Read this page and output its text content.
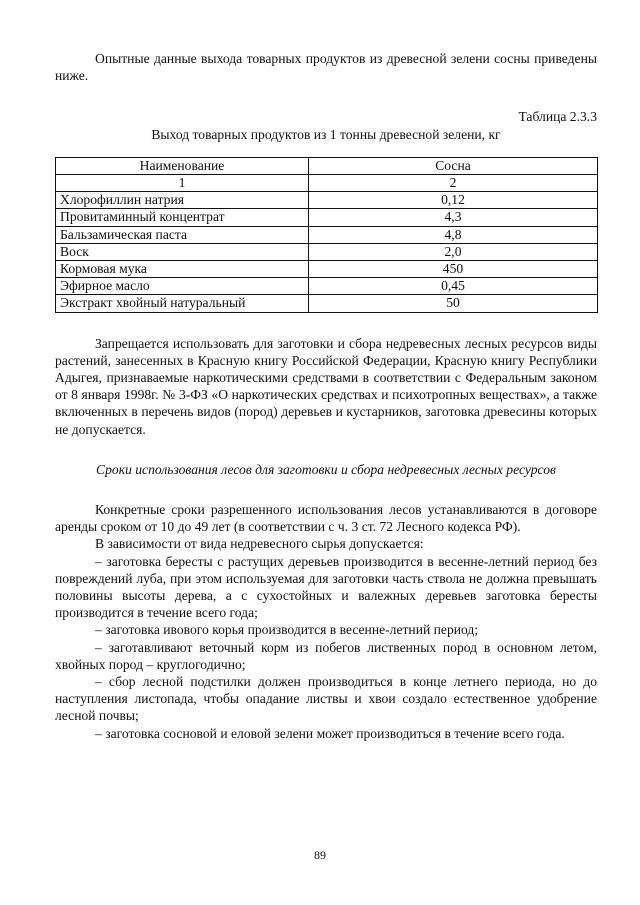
Опытные данные выхода товарных продуктов из древесной зелени сосны приведены ниже.

Таблица 2.3.3

Выход товарных продуктов из 1 тонны древесной зелени, кг

Наименование	Сосна
1	2
Хлорофиллин натрия	0,12
Провитаминный концентрат	4,3
Бальзамическая паста	4,8
Воск	2,0
Кормовая мука	450
Эфирное масло	0,45
Экстракт хвойный натуральный	50

Запрещается использовать для заготовки и сбора недревесных лесных ресурсов виды растений, занесенных в Красную книгу Российской Федерации, Красную книгу Республики Адыгея, признаваемые наркотическими средствами в соответствии с Федеральным законом от 8 января 1998г. № 3-ФЗ «О наркотических средствах и психотропных веществах», а также включенных в перечень видов (пород) деревьев и кустарников, заготовка древесины которых не допускается.

Сроки использования лесов для заготовки и сбора недревесных лесных ресурсов

Конкретные сроки разрешенного использования лесов устанавливаются в договоре аренды сроком от 10 до 49 лет (в соответствии с ч. 3 ст. 72 Лесного кодекса РФ).

В зависимости от вида недревесного сырья допускается:

– заготовка бересты с растущих деревьев производится в весенне-летний период без повреждений луба, при этом используемая для заготовки часть ствола не должна превышать половины высоты дерева, а с сухостойных и валежных деревьев заготовка бересты производится в течение всего года;

– заготовка ивового корья производится в весенне-летний период;

– заготавливают веточный корм из побегов лиственных пород в основном летом, хвойных пород – круглогодично;

– сбор лесной подстилки должен производиться в конце летнего периода, но до наступления листопада, чтобы опадание листвы и хвои создало естественное удобрение лесной почвы;

– заготовка сосновой и еловой зелени может производиться в течение всего года.

89
